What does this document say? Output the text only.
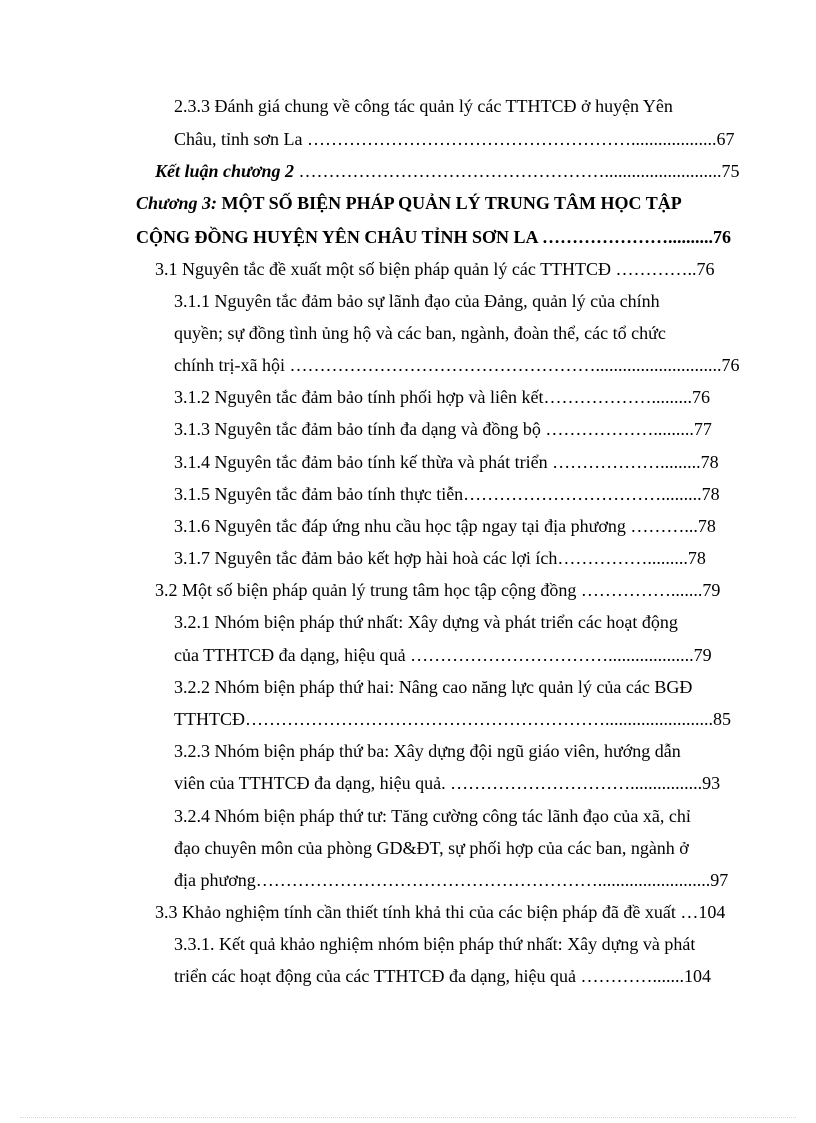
2.3.3 Đánh giá chung về công tác quản lý các TTHTCĐ ở huyện Yên
Châu, tỉnh sơn La ………………………………………………...................67
Kết luận chương 2 ……………………………………………..........................75
Chương 3: MỘT SỐ BIỆN PHÁP QUẢN LÝ TRUNG TÂM HỌC TẬP
CỘNG ĐỒNG HUYỆN YÊN CHÂU TỈNH SƠN LA …………………..........76
3.1 Nguyên tắc đề xuất một số biện pháp quản lý các TTHTCĐ …………..76
3.1.1 Nguyên tắc đảm bảo sự lãnh đạo của Đảng, quản lý của chính
quyền; sự đồng tình ủng hộ và các ban, ngành, đoàn thể, các tổ chức
chính trị-xã hội ……………………………………………............................76
3.1.2 Nguyên tắc đảm bảo tính phối hợp và liên kết……………….........76
3.1.3 Nguyên tắc đảm bảo tính đa dạng và đồng bộ ……………….........77
3.1.4 Nguyên tắc đảm bảo tính kế thừa và phát triển ……………….........78
3.1.5 Nguyên tắc đảm bảo tính thực tiễn…………………………….........78
3.1.6 Nguyên tắc đáp ứng nhu cầu học tập ngay tại địa phương ………...78
3.1.7 Nguyên tắc đảm bảo kết hợp hài hoà các lợi ích…………….........78
3.2 Một số biện pháp quản lý trung tâm học tập cộng đồng …………….......79
3.2.1 Nhóm biện pháp thứ nhất: Xây dựng và phát triển các hoạt động
của TTHTCĐ đa dạng, hiệu quả ……………………………...................79
3.2.2 Nhóm biện pháp thứ hai: Nâng cao năng lực quản lý của các BGĐ
TTHTCĐ……………………………………………………........................85
3.2.3 Nhóm biện pháp thứ ba: Xây dựng đội ngũ giáo viên, hướng dẫn
viên của TTHTCĐ đa dạng, hiệu quả. …………………………................93
3.2.4 Nhóm biện pháp thứ tư: Tăng cường công tác lãnh đạo của xã, chỉ
đạo chuyên môn của phòng GD&ĐT, sự phối hợp của các ban, ngành ở
địa phương………………………………………………….........................97
3.3 Khảo nghiệm tính cần thiết tính khả thi của các biện pháp đã đề xuất …104
3.3.1. Kết quả khảo nghiệm nhóm biện pháp thứ nhất: Xây dựng và phát
triển các hoạt động của các TTHTCĐ đa dạng, hiệu quả ………….......104
